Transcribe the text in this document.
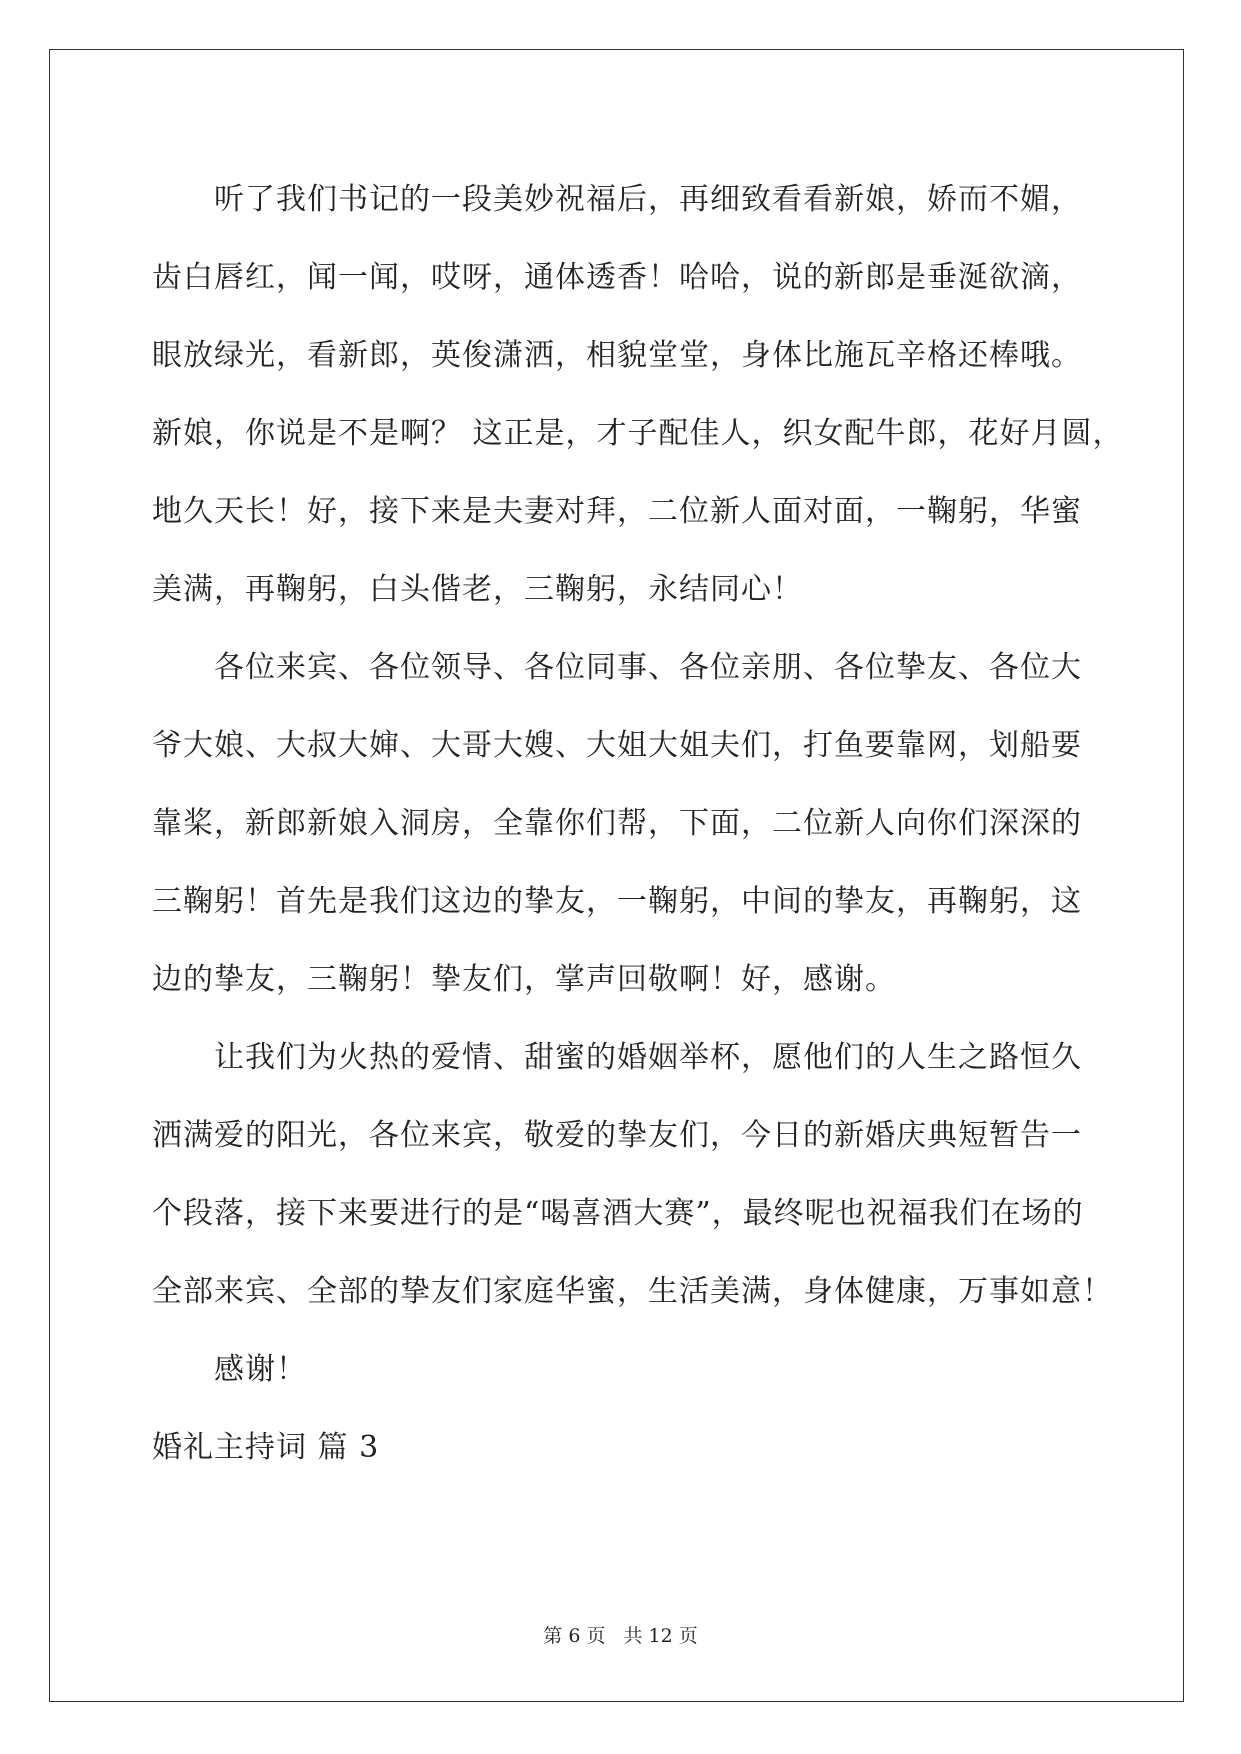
听了我们书记的一段美妙祝福后，再细致看看新娘，娇而不媚，
齿白唇红，闻一闻，哎呀，通体透香！哈哈，说的新郎是垂涎欲滴，
眼放绿光，看新郎，英俊潇洒，相貌堂堂，身体比施瓦辛格还棒哦。
新娘，你说是不是啊？ 这正是，才子配佳人，织女配牛郎，花好月圆，
地久天长！好，接下来是夫妻对拜，二位新人面对面，一鞠躬，华蜜
美满，再鞠躬，白头偕老，三鞠躬，永结同心！
各位来宾、各位领导、各位同事、各位亲朋、各位挚友、各位大
爷大娘、大叔大婶、大哥大嫂、大姐大姐夫们，打鱼要靠网，划船要
靠桨，新郎新娘入洞房，全靠你们帮，下面，二位新人向你们深深的
三鞠躬！首先是我们这边的挚友，一鞠躬，中间的挚友，再鞠躬，这
边的挚友，三鞠躬！挚友们，掌声回敬啊！好，感谢。
让我们为火热的爱情、甜蜜的婚姻举杯，愿他们的人生之路恒久
洒满爱的阳光，各位来宾，敬爱的挚友们，今日的新婚庆典短暂告一
个段落，接下来要进行的是“喝喜酒大赛”，最终呢也祝福我们在场的
全部来宾、全部的挚友们家庭华蜜，生活美满，身体健康，万事如意！
感谢！
婚礼主持词 篇 3
第 6 页 共 12 页
